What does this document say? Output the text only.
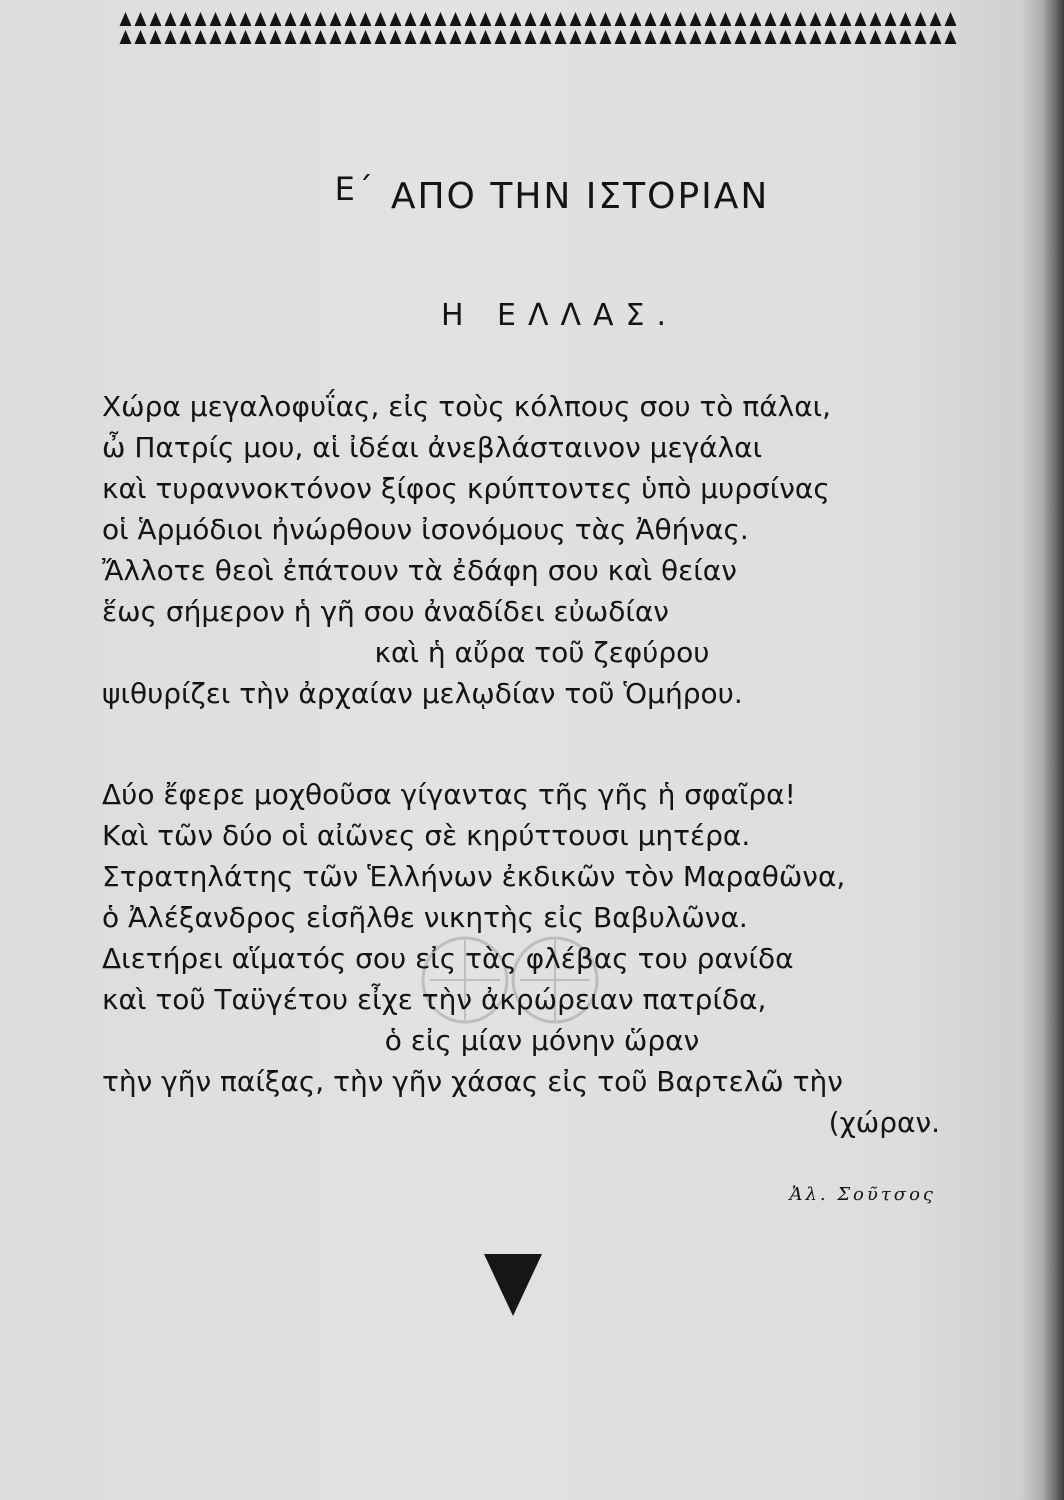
Ε΄ ΑΠΟ ΤΗΝ ΙΣΤΟΡΙΑΝ
Η ΕΛΛΑΣ.
Χώρα μεγαλοφυΐας, εἰς τοὺς κόλπους σου τὸ πάλαι,
ὦ Πατρίς μου, αἱ ἰδέαι ἀνεβλάσταινον μεγάλαι
καὶ τυραννοκτόνον ξίφος κρύπτοντες ὑπὸ μυρσίνας
οἱ Ἁρμόδιοι ἠνώρθουν ἰσονόμους τὰς Ἀθήνας.
Ἄλλοτε θεοὶ ἐπάτουν τὰ ἐδάφη σου καὶ θείαν
ἕως σήμερον ἡ γῆ σου ἀναδίδει εὐωδίαν
καὶ ἡ αὔρα τοῦ ζεφύρου
ψιθυρίζει τὴν ἀρχαίαν μελῳδίαν τοῦ Ὁμήρου.
Δύο ἔφερε μοχθοῦσα γίγαντας τῆς γῆς ἡ σφαῖρα!
Καὶ τῶν δύο οἱ αἰῶνες σὲ κηρύττουσι μητέρα.
Στρατηλάτης τῶν Ἑλλήνων ἐκδικῶν τὸν Μαραθῶνα,
ὁ Ἀλέξανδρος εἰσῆλθε νικητὴς εἰς Βαβυλῶνα.
Διετήρει αἵματός σου εἰς τὰς φλέβας του ρανίδα
καὶ τοῦ Ταϋγέτου εἶχε τὴν ἀκρώρειαν πατρίδα,
ὁ εἰς μίαν μόνην ὥραν
τὴν γῆν παίξας, τὴν γῆν χάσας εἰς τοῦ Βαρτελῶ τὴν
(χώραν.
Ἀλ. Σοῦτσος
